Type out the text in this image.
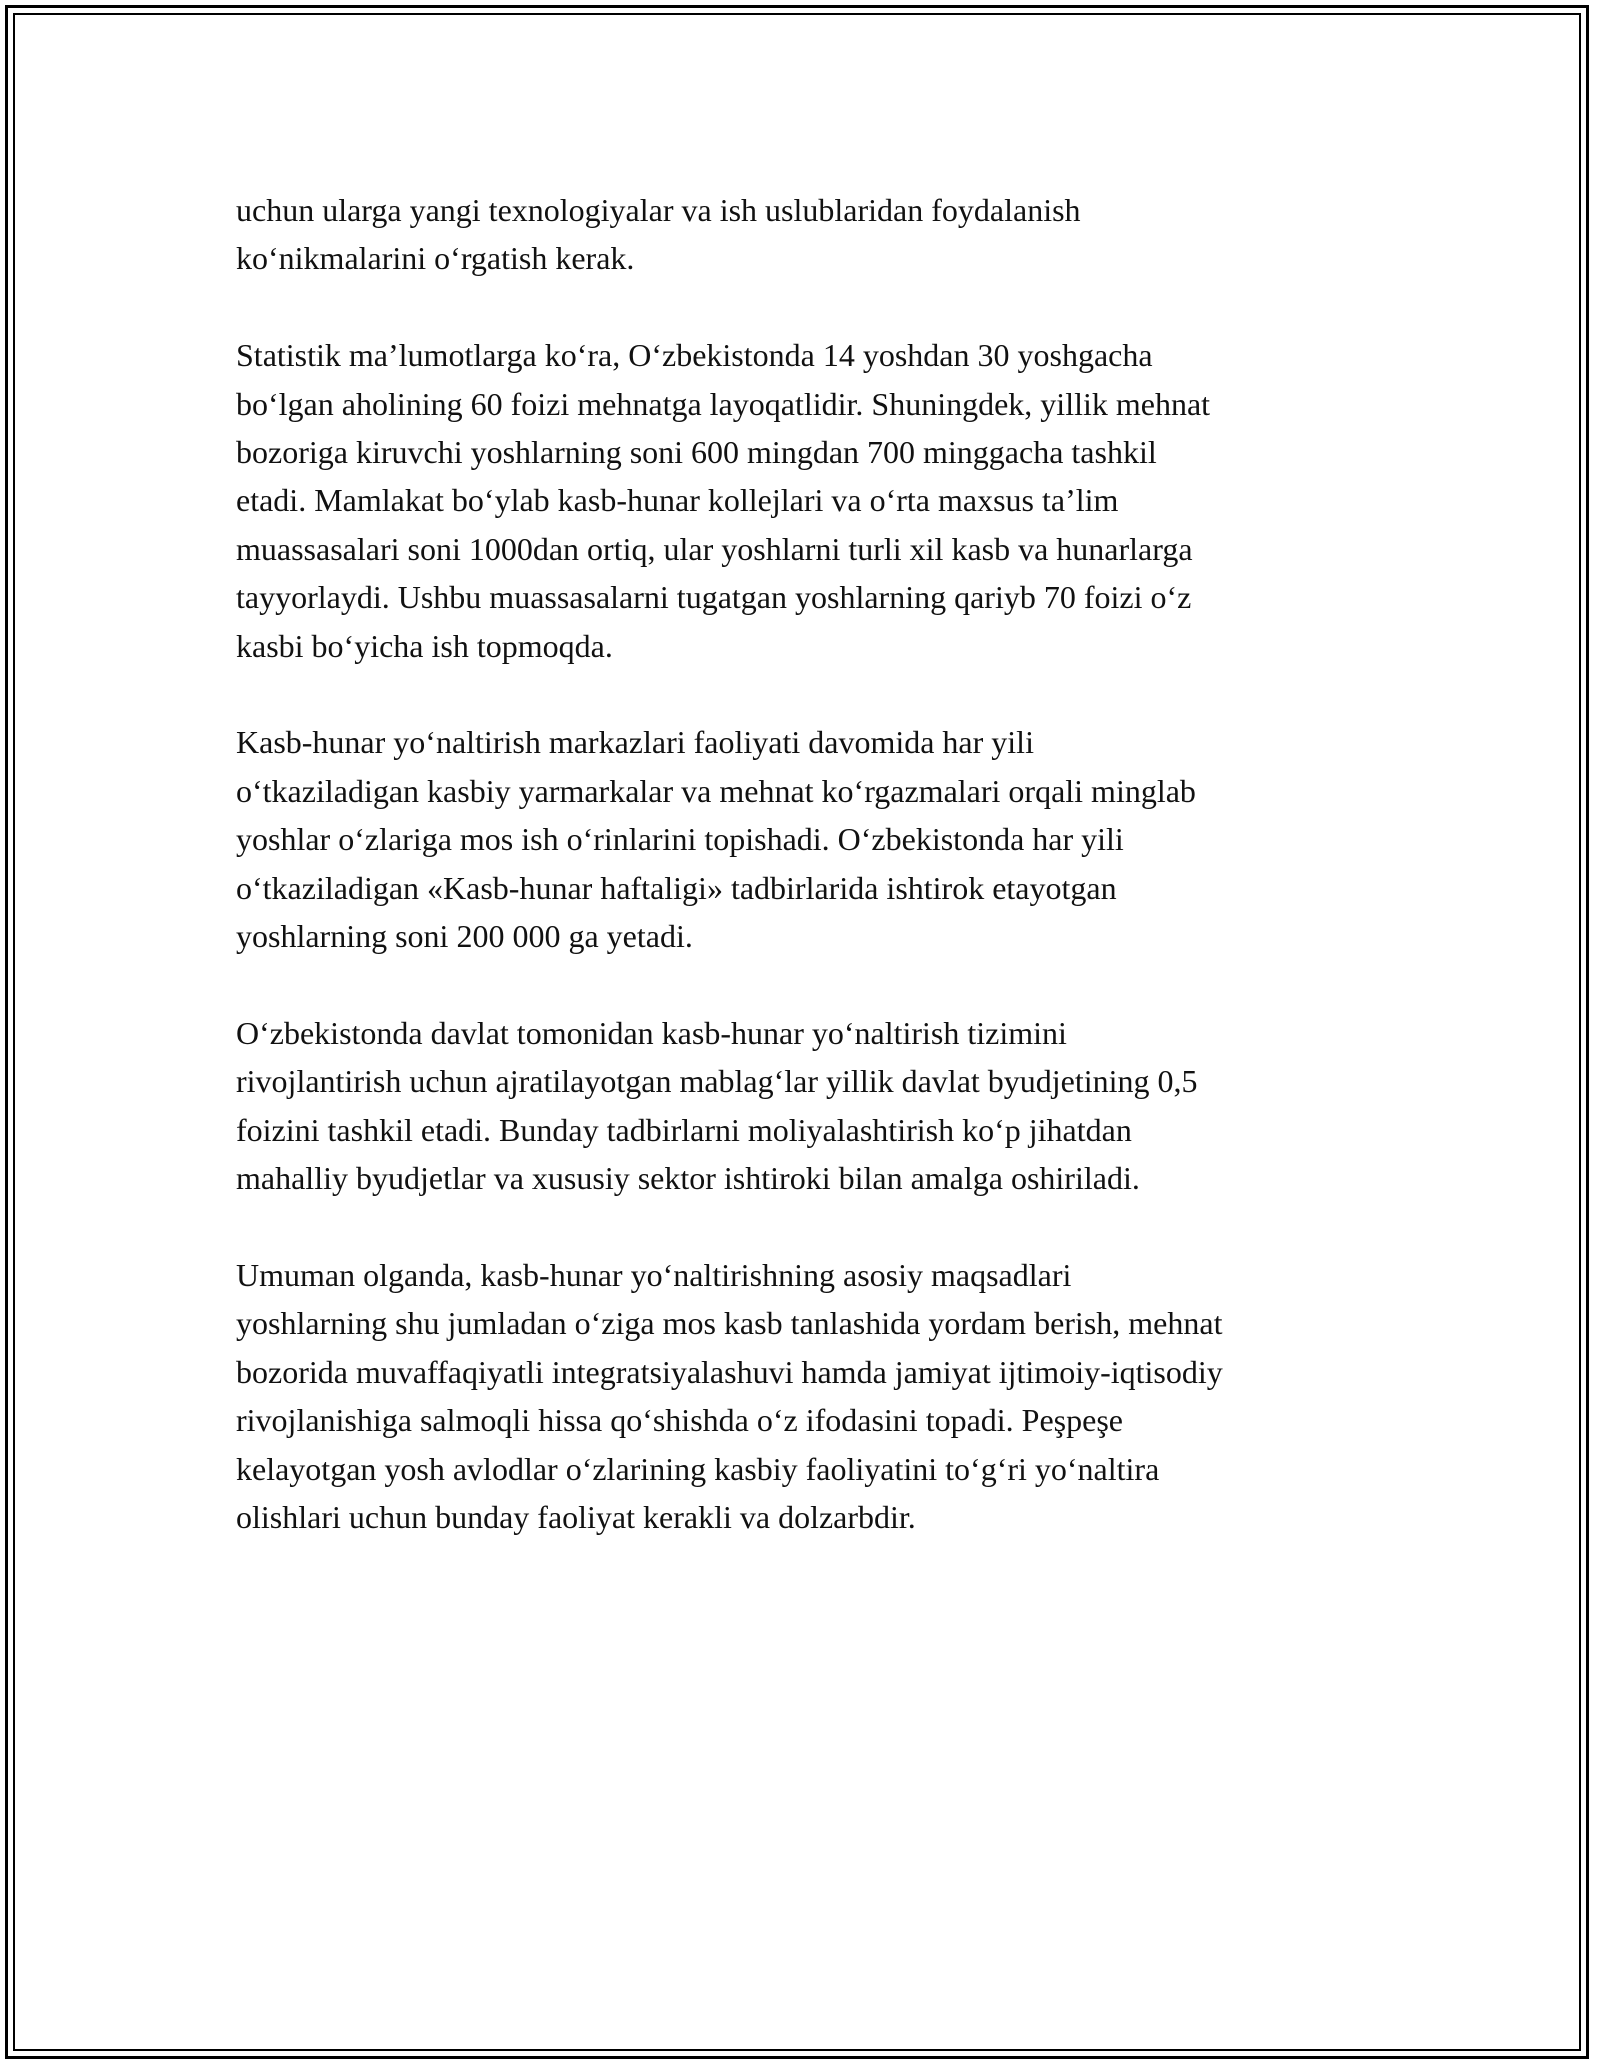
uchun ularga yangi texnologiyalar va ish uslublaridan foydalanish
ko‘nikmalarini o‘rgatish kerak.

Statistik ma’lumotlarga ko‘ra, O‘zbekistonda 14 yoshdan 30 yoshgacha
bo‘lgan aholining 60 foizi mehnatga layoqatlidir. Shuningdek, yillik mehnat
bozoriga kiruvchi yoshlarning soni 600 mingdan 700 minggacha tashkil
etadi. Mamlakat bo‘ylab kasb-hunar kollejlari va o‘rta maxsus ta’lim
muassasalari soni 1000dan ortiq, ular yoshlarni turli xil kasb va hunarlarga
tayyorlaydi. Ushbu muassasalarni tugatgan yoshlarning qariyb 70 foizi o‘z
kasbi bo‘yicha ish topmoqda.

Kasb-hunar yo‘naltirish markazlari faoliyati davomida har yili
o‘tkaziladigan kasbiy yarmarkalar va mehnat ko‘rgazmalari orqali minglab
yoshlar o‘zlariga mos ish o‘rinlarini topishadi. O‘zbekistonda har yili
o‘tkaziladigan «Kasb-hunar haftaligi» tadbirlarida ishtirok etayotgan
yoshlarning soni 200 000 ga yetadi.

O‘zbekistonda davlat tomonidan kasb-hunar yo‘naltirish tizimini
rivojlantirish uchun ajratilayotgan mablag‘lar yillik davlat byudjetining 0,5
foizini tashkil etadi. Bunday tadbirlarni moliyalashtirish ko‘p jihatdan
mahalliy byudjetlar va xususiy sektor ishtiroki bilan amalga oshiriladi.

Umuman olganda, kasb-hunar yo‘naltirishning asosiy maqsadlari
yoshlarning shu jumladan o‘ziga mos kasb tanlashida yordam berish, mehnat
bozorida muvaffaqiyatli integratsiyalashuvi hamda jamiyat ijtimoiy-iqtisodiy
rivojlanishiga salmoqli hissa qo‘shishda o‘z ifodasini topadi. Peşpeşe
kelayotgan yosh avlodlar o‘zlarining kasbiy faoliyatini to‘g‘ri yo‘naltira
olishlari uchun bunday faoliyat kerakli va dolzarbdir.
